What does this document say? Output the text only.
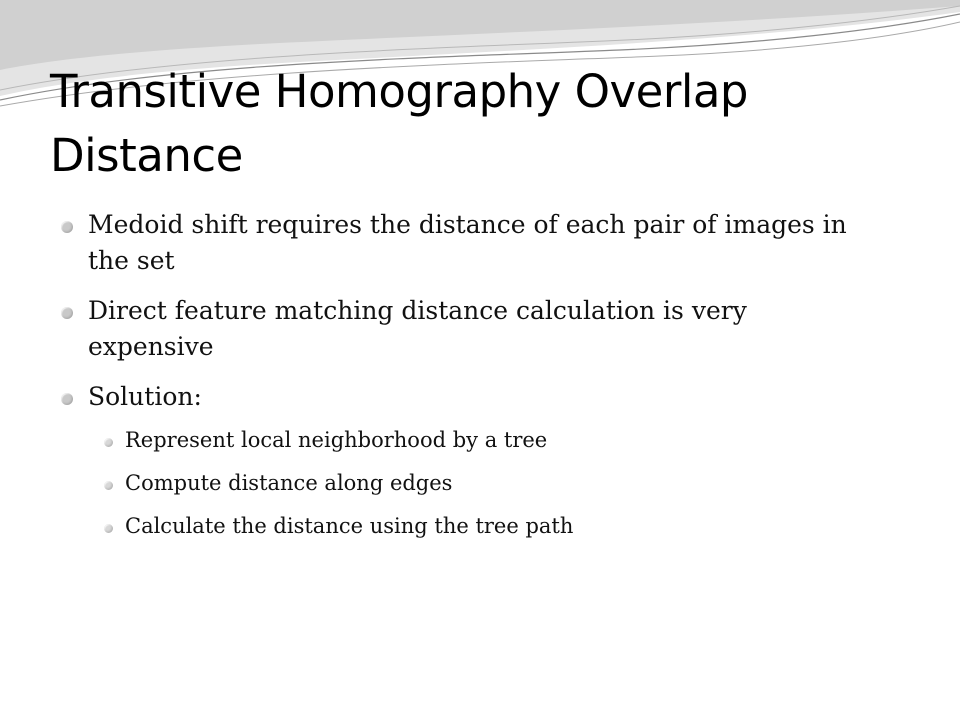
Transitive Homography Overlap Distance
Medoid shift requires the distance of each pair of images in the set
Direct feature matching distance calculation is very expensive
Solution:
Represent local neighborhood by a tree
Compute distance along edges
Calculate the distance using the tree path
